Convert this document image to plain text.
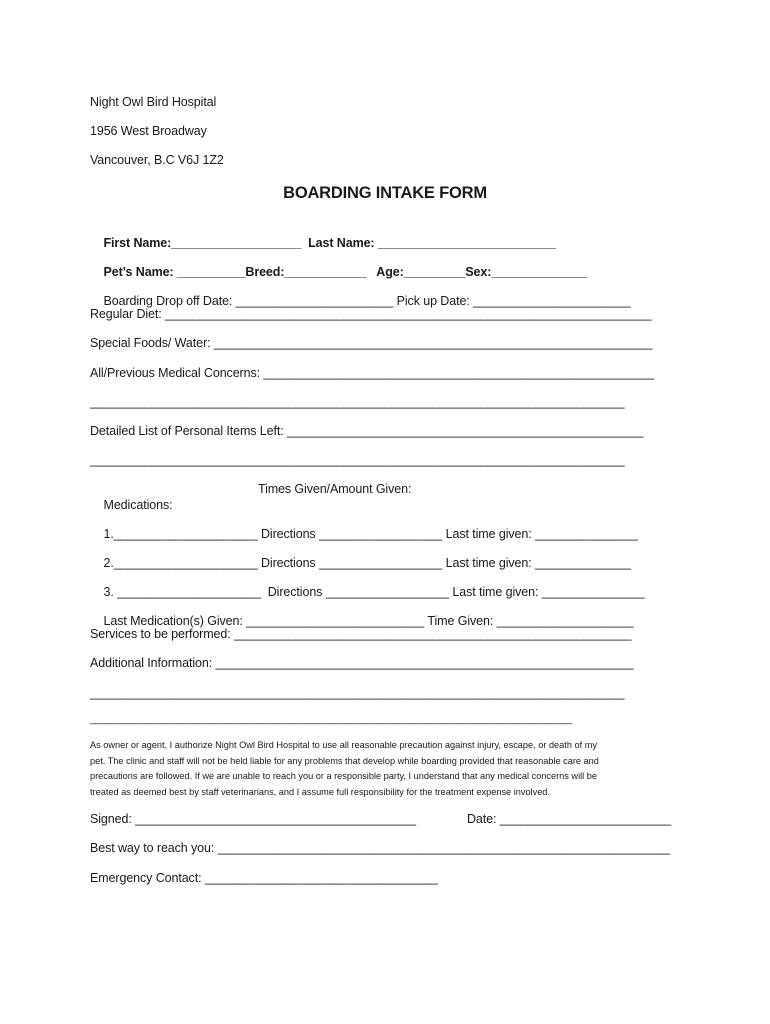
Night Owl Bird Hospital
1956 West Broadway
Vancouver, B.C V6J 1Z2
BOARDING INTAKE FORM

First Name:___________________ Last Name: __________________________

Pet’s Name: __________Breed:____________ Age:_________Sex:______________

Boarding Drop off Date: _______________________ Pick up Date: _______________________

Regular Diet: _______________________________________________________________________
Special Foods/ Water: ________________________________________________________________
All/Previous Medical Concerns: _________________________________________________________
______________________________________________________________________________
Detailed List of Personal Items Left: ____________________________________________________
______________________________________________________________________________

Medications:

Times Given/Amount Given:

1._____________________ Directions __________________ Last time given: _______________

2._____________________ Directions __________________ Last time given: ______________

3. _____________________ Directions __________________ Last time given: _______________

Last Medication(s) Given: __________________________ Time Given: ____________________

Services to be performed: __________________________________________________________
Additional Information: _____________________________________________________________
______________________________________________________________________________
_________________________________________________________________________________________
As owner or agent, I authorize Night Owl Bird Hospital to use all reasonable precaution against injury, escape, or death of my
pet. The clinic and staff will not be held liable for any problems that develop while boarding provided that reasonable care and
precautions are followed. If we are unable to reach you or a responsible party, I understand that any medical concerns will be
treated as deemed best by staff veterinarians, and I assume full responsibility for the treatment expense involved.
Signed: _________________________________________	Date: _________________________
Best way to reach you: __________________________________________________________________
Emergency Contact: __________________________________
